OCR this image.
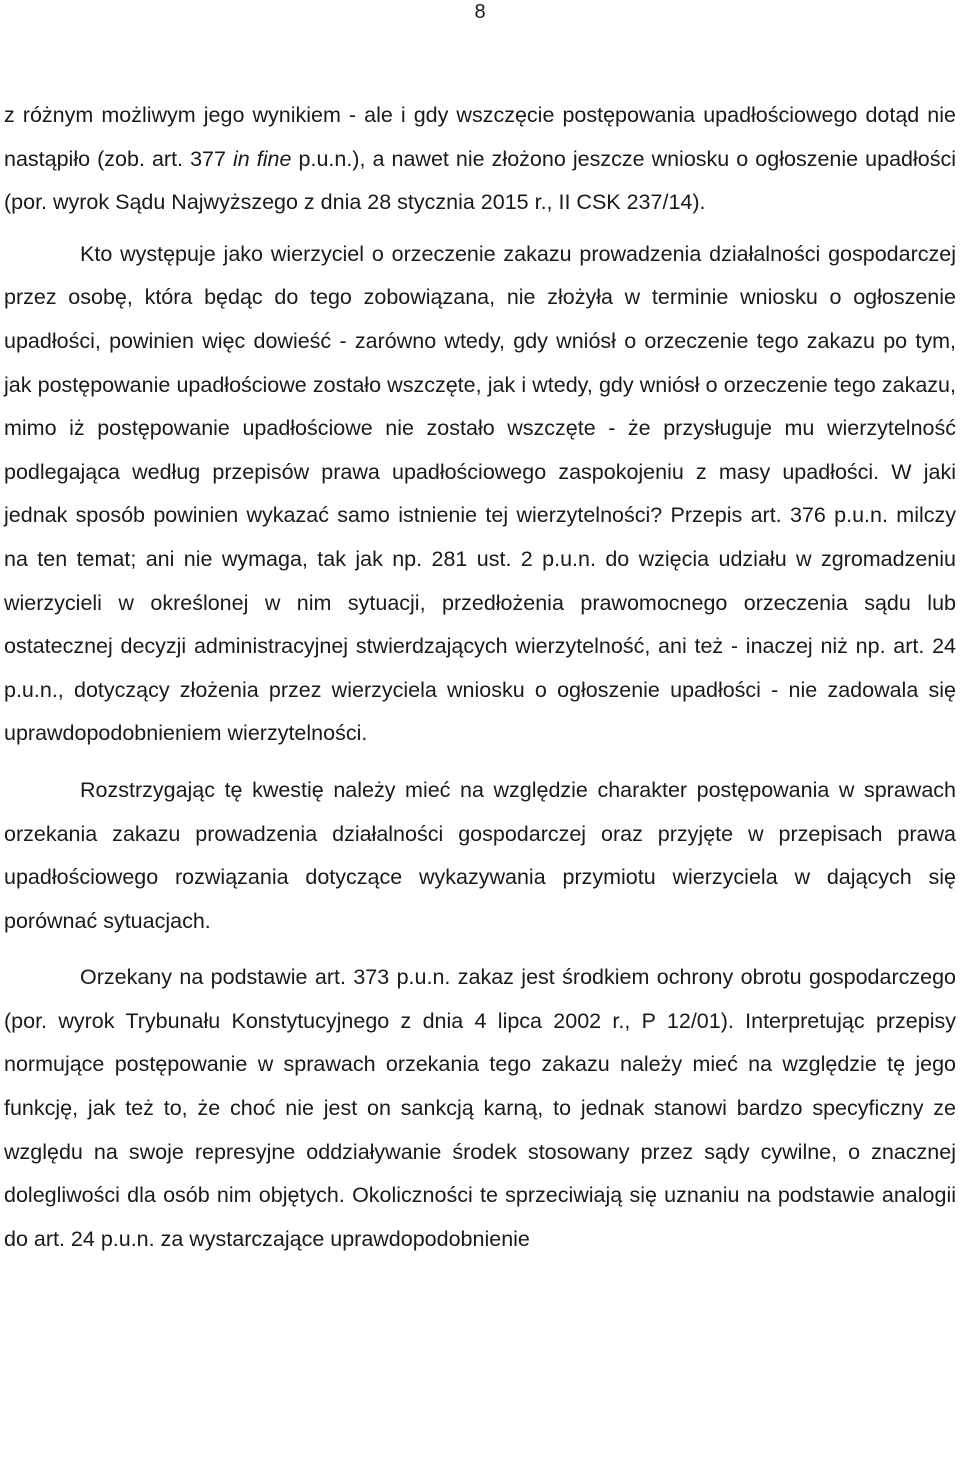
8

z różnym możliwym jego wynikiem - ale i gdy wszczęcie postępowania upadłościowego dotąd nie nastąpiło (zob. art. 377 in fine p.u.n.), a nawet nie złożono jeszcze wniosku o ogłoszenie upadłości (por. wyrok Sądu Najwyższego z dnia 28 stycznia 2015 r., II CSK 237/14).

Kto występuje jako wierzyciel o orzeczenie zakazu prowadzenia działalności gospodarczej przez osobę, która będąc do tego zobowiązana, nie złożyła w terminie wniosku o ogłoszenie upadłości, powinien więc dowieść - zarówno wtedy, gdy wniósł o orzeczenie tego zakazu po tym, jak postępowanie upadłościowe zostało wszczęte, jak i wtedy, gdy wniósł o orzeczenie tego zakazu, mimo iż postępowanie upadłościowe nie zostało wszczęte - że przysługuje mu wierzytelność podlegająca według przepisów prawa upadłościowego zaspokojeniu z masy upadłości. W jaki jednak sposób powinien wykazać samo istnienie tej wierzytelności? Przepis art. 376 p.u.n. milczy na ten temat; ani nie wymaga, tak jak np. 281 ust. 2 p.u.n. do wzięcia udziału w zgromadzeniu wierzycieli w określonej w nim sytuacji, przedłożenia prawomocnego orzeczenia sądu lub ostatecznej decyzji administracyjnej stwierdzających wierzytelność, ani też - inaczej niż np. art. 24 p.u.n., dotyczący złożenia przez wierzyciela wniosku o ogłoszenie upadłości - nie zadowala się uprawdopodobnieniem wierzytelności.

Rozstrzygając tę kwestię należy mieć na względzie charakter postępowania w sprawach orzekania zakazu prowadzenia działalności gospodarczej oraz przyjęte w przepisach prawa upadłościowego rozwiązania dotyczące wykazywania przymiotu wierzyciela w dających się porównać sytuacjach.

Orzekany na podstawie art. 373 p.u.n. zakaz jest środkiem ochrony obrotu gospodarczego (por. wyrok Trybunału Konstytucyjnego z dnia 4 lipca 2002 r., P 12/01). Interpretując przepisy normujące postępowanie w sprawach orzekania tego zakazu należy mieć na względzie tę jego funkcję, jak też to, że choć nie jest on sankcją karną, to jednak stanowi bardzo specyficzny ze względu na swoje represyjne oddziaływanie środek stosowany przez sądy cywilne, o znacznej dolegliwości dla osób nim objętych. Okoliczności te sprzeciwiają się uznaniu na podstawie analogii do art. 24 p.u.n. za wystarczające uprawdopodobnienie
